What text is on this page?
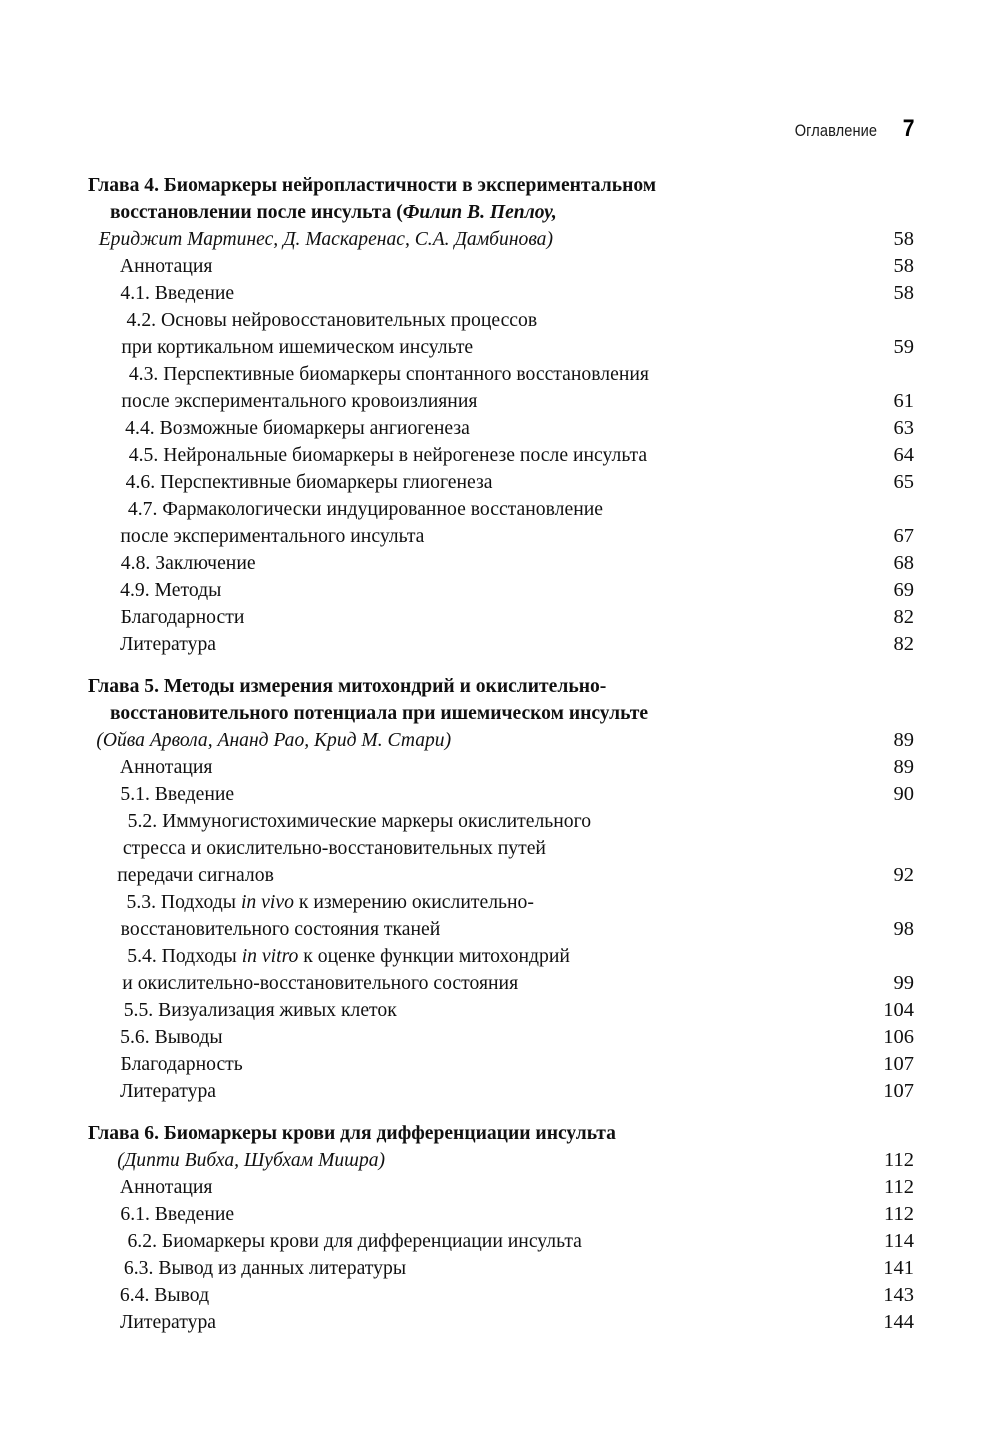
Оглавление 7
Глава 4. Биомаркеры нейропластичности в экспериментальном
восстановлении после инсульта ( Филип В. Пеплоу,
Ериджит Мартинес, Д. Маскаренас, С.А. Дамбинова)	58
Аннотация	58
4.1. Введение	58
4.2. Основы нейровосстановительных процессов
при кортикальном ишемическом инсульте	59
4.3. Перспективные биомаркеры спонтанного восстановления
после экспериментального кровоизлияния	61
4.4. Возможные биомаркеры ангиогенеза	63
4.5. Нейрональные биомаркеры в нейрогенезе после инсульта	64
4.6. Перспективные биомаркеры глиогенеза	65
4.7. Фармакологически индуцированное восстановление
после экспериментального инсульта	67
4.8. Заключение	68
4.9. Методы	69
Благодарности	82
Литература	82
Глава 5. Методы измерения митохондрий и окислительно-
восстановительного потенциала при ишемическом инсульте
(Ойва Арвола, Ананд Рао, Крид М. Стари)	89
Аннотация	89
5.1. Введение	90
5.2. Иммуногистохимические маркеры окислительного
стресса и окислительно-восстановительных путей
передачи сигналов	92
5.3. Подходы in vivo к измерению окислительно-
восстановительного состояния тканей	98
5.4. Подходы in vitro к оценке функции митохондрий
и окислительно-восстановительного состояния	99
5.5. Визуализация живых клеток	104
5.6. Выводы	106
Благодарность	107
Литература	107
Глава 6. Биомаркеры крови для дифференциации инсульта
(Дипти Вибха, Шубхам Мишра)	112
Аннотация	112
6.1. Введение	112
6.2. Биомаркеры крови для дифференциации инсульта	114
6.3. Вывод из данных литературы	141
6.4. Вывод	143
Литература	144
